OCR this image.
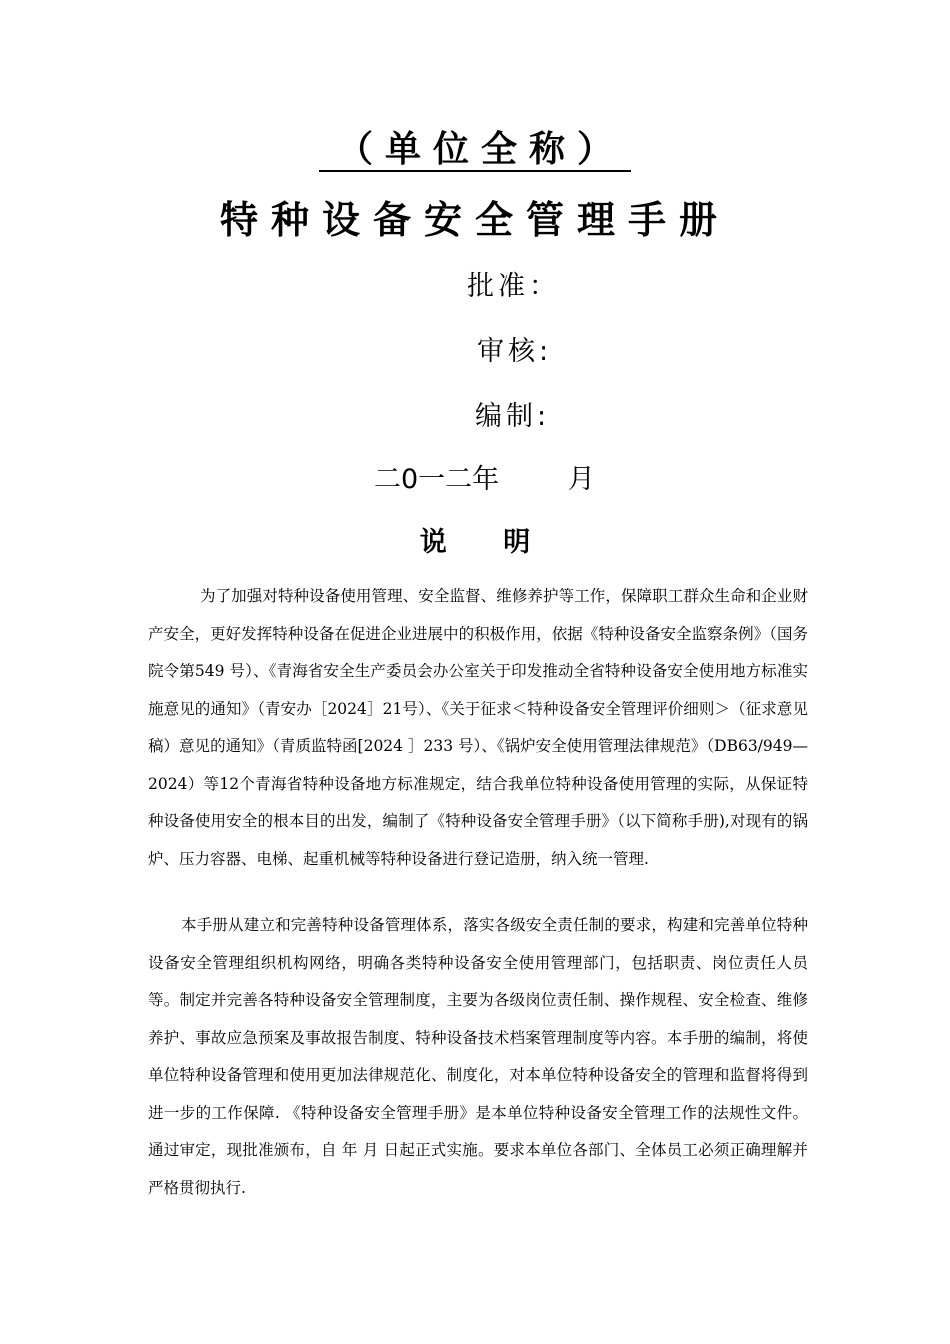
（单位全称）
特种设备安全管理手册
批准：
审核:
编制:
二0一二年        月
说      明
为了加强对特种设备使用管理、安全监督、维修养护等工作，保障职工群众生命和企业财产安全，更好发挥特种设备在促进企业进展中的积极作用，依据《特种设备安全监察条例》（国务院令第549 号）、《青海省安全生产委员会办公室关于印发推动全省特种设备安全使用地方标准实施意见的通知》（青安办［2024］21号）、《关于征求＜特种设备安全管理评价细则＞（征求意见稿）意见的通知》（青质监特函[2024 ］233 号）、《锅炉安全使用管理法律规范》（DB63/949—2024）等12个青海省特种设备地方标准规定，结合我单位特种设备使用管理的实际，从保证特种设备使用安全的根本目的出发，编制了《特种设备安全管理手册》（以下简称手册),对现有的锅炉、压力容器、电梯、起重机械等特种设备进行登记造册，纳入统一管理.
本手册从建立和完善特种设备管理体系，落实各级安全责任制的要求，构建和完善单位特种设备安全管理组织机构网络，明确各类特种设备安全使用管理部门，包括职责、岗位责任人员等。制定并完善各特种设备安全管理制度，主要为各级岗位责任制、操作规程、安全检查、维修养护、事故应急预案及事故报告制度、特种设备技术档案管理制度等内容。本手册的编制，将使单位特种设备管理和使用更加法律规范化、制度化，对本单位特种设备安全的管理和监督将得到进一步的工作保障. 《特种设备安全管理手册》是本单位特种设备安全管理工作的法规性文件。通过审定，现批准颁布，自 年 月 日起正式实施。要求本单位各部门、全体员工必须正确理解并严格贯彻执行.
